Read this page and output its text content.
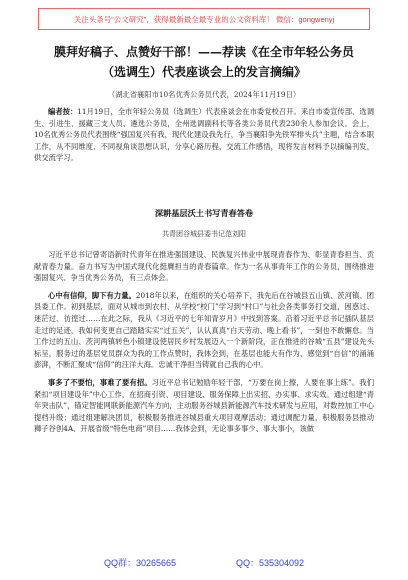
关注头条号“公文研究”，获得最新最全最专业的公文资料库！ 微信：gongwenyj
膜拜好稿子、点赞好干部！——荐读《在全市年轻公务员
（选调生）代表座谈会上的发言摘编》
（湖北省襄阳市10名优秀公务员代表，2024年11月19日）

编者按：11月19日，全市年轻公务员（选调生）代表座谈会在市委党校召开。来自市委宣传部、选调生、引进生、援藏三支人员、遴选公务员，全州选调副科长等各类公务员代表230余人参加会议。会上，10名优秀公务员代表围绕“强国复兴有我，现代化建设我先行，争当襄阳争先铁军排头兵”主题，结合本职工作，从不同维度、不同视角谈思想认识，分享心路历程，交流工作感悟，现将发言材料予以摘编刊发，供交流学习。

深耕基层沃土书写青春答卷
共青团谷城县委书记范刘阳

习近平总书记曾寄语新时代青年在推进强国建设、民族复兴伟业中展现青春作为、彰显青春担当、贡献青春力量。奋力书写为中国式现代化挺膺担当的青春篇章。作为一名从事青年工作的公务员，围绕推进强国复兴、争当优秀公务员，有三点体会。

心中有信仰，脚下有力量。2018年以来，在组织的关心培养下，我先后在谷城县五山镇、茨河镇、团县委工作。初到基层，面对从城市到农村、从学校“校门”学习到“村口”与社会各类事务打交道，困惑过、迷茫过、彷徨过……在此之际，我从《习近平的七年知青岁月》中找到答案。沿着习近平总书记插队基层走过的足迹，我如何变更自己踏踏实实“过五关”，认认真真“白天劳动、晚上看书”，一刻也不敢懈怠。当工作过的五山、茨河两镇转色小镇建设使居民乡村发展迈入一个新阶段，正在推进的谷城“五县”建设先头标呈，服务过的基层党员群众为我的工作点赞时，我体会到，在基层也能大有作为，感觉到“自信”的涌涌澎湃，不断汇聚成“信仰”的汪洋大海。忠诚干净担当铸就自己我的心中。

事多了不要怕，事难了要有招。习近平总书记勉励年轻干部，“万要在岗上擦，人要在事上练”。我们紧扣“项目建设年”中心工作，在招商引资、项目建设、服务保障上出实招、办实事、求实效。通过组建“青年突击队”，锚定智能网联新能源汽车方向，主动服务谷城县新能源汽车技术研发与应用，对数控加工中心提档升级；通过组建解决团员，积极服务推进谷城县重大项目观摩活动；通过调配力量，积极服务县推动狮子谷创4A、开展省级“特色电商”项目……我体会到，无论事多事少、事大事小，该做

QQ群：30265665	QQ：535304092
